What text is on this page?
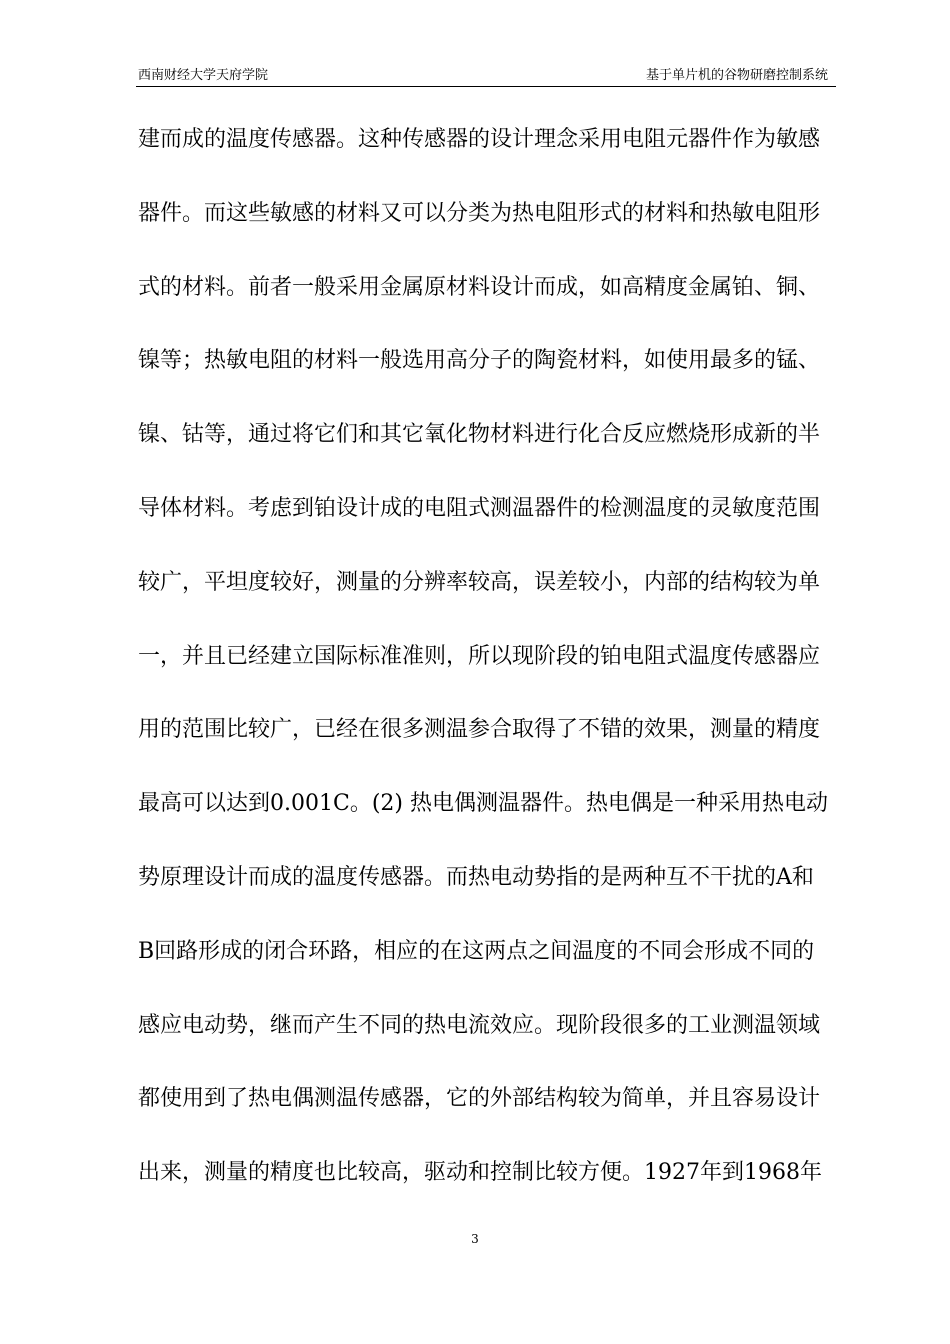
西南财经大学天府学院	基于单片机的谷物研磨控制系统
建而成的温度传感器。这种传感器的设计理念采用电阻元器件作为敏感
器件。而这些敏感的材料又可以分类为热电阻形式的材料和热敏电阻形
式的材料。前者一般采用金属原材料设计而成，如高精度金属铂、铜、
镍等；热敏电阻的材料一般选用高分子的陶瓷材料，如使用最多的锰、
镍、钴等，通过将它们和其它氧化物材料进行化合反应燃烧形成新的半
导体材料。考虑到铂设计成的电阻式测温器件的检测温度的灵敏度范围
较广，平坦度较好，测量的分辨率较高，误差较小，内部的结构较为单
一，并且已经建立国际标准准则，所以现阶段的铂电阻式温度传感器应
用的范围比较广，已经在很多测温参合取得了不错的效果，测量的精度
最高可以达到0.001C。(2) 热电偶测温器件。热电偶是一种采用热电动
势原理设计而成的温度传感器。而热电动势指的是两种互不干扰的A和
B回路形成的闭合环路，相应的在这两点之间温度的不同会形成不同的
感应电动势，继而产生不同的热电流效应。现阶段很多的工业测温领域
都使用到了热电偶测温传感器，它的外部结构较为简单，并且容易设计
出来，测量的精度也比较高，驱动和控制比较方便。1927年到1968年
3
